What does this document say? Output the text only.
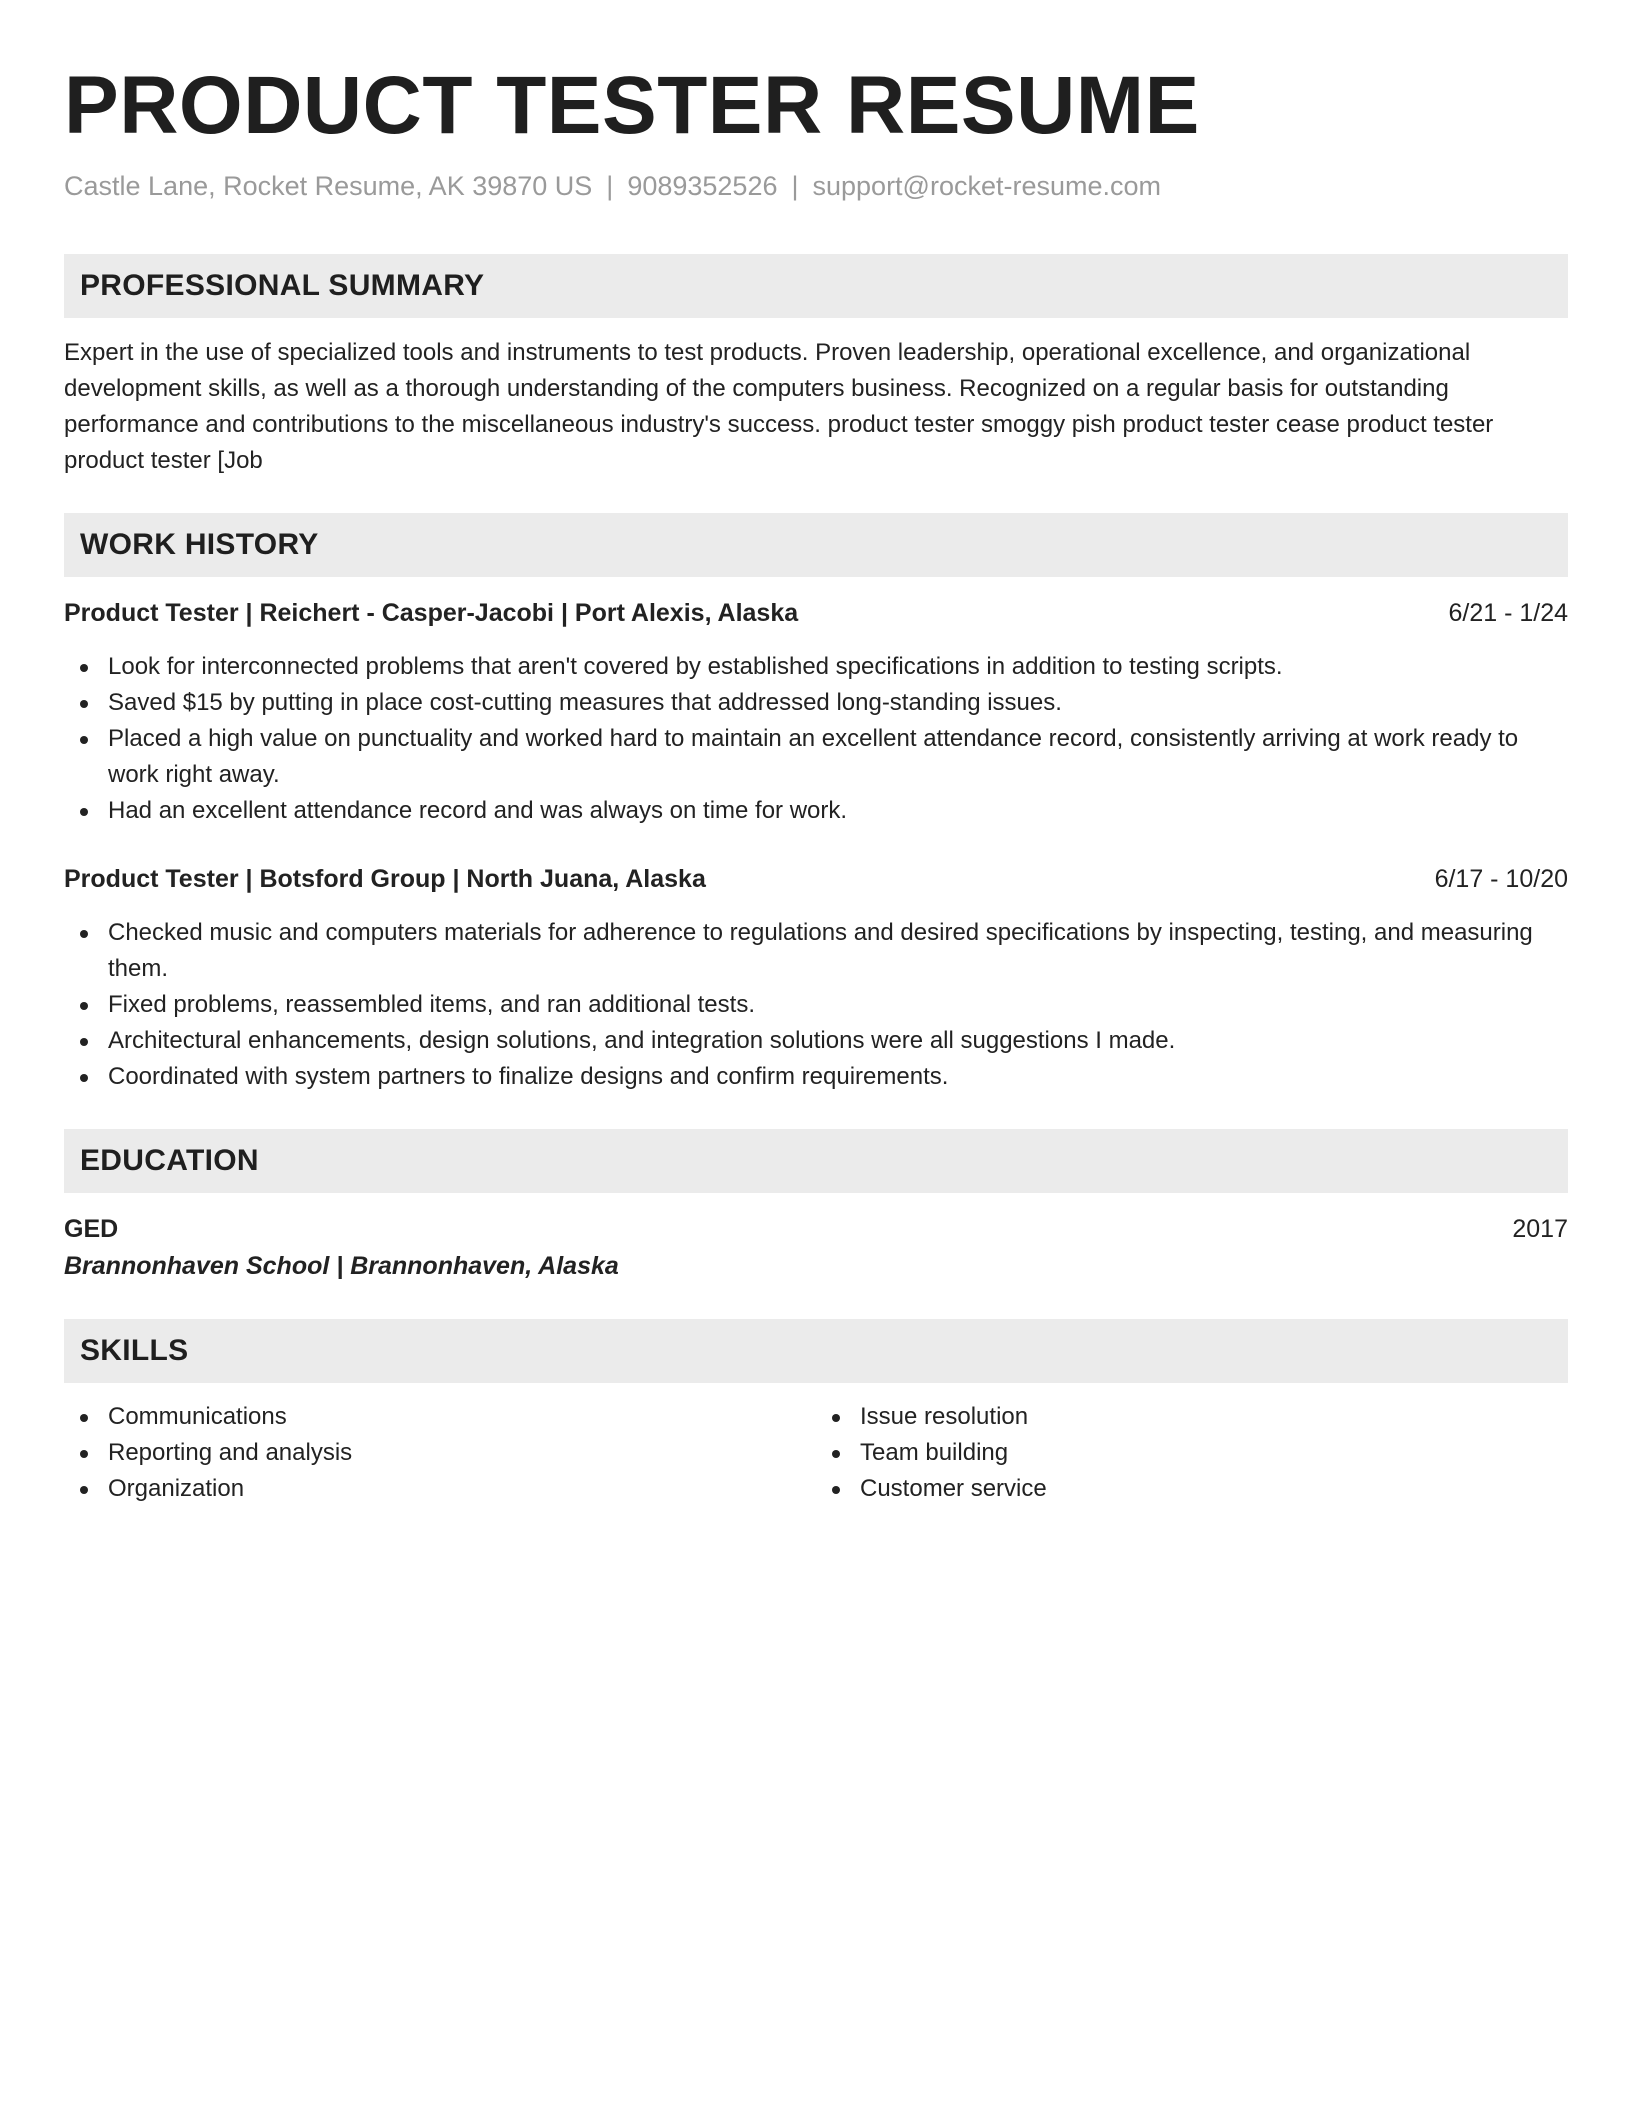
PRODUCT TESTER RESUME
Castle Lane, Rocket Resume, AK 39870 US | 9089352526 | support@rocket-resume.com
PROFESSIONAL SUMMARY

Expert in the use of specialized tools and instruments to test products. Proven leadership, operational excellence, and organizational development skills, as well as a thorough understanding of the computers business. Recognized on a regular basis for outstanding performance and contributions to the miscellaneous industry's success. product tester smoggy pish product tester cease product tester product tester [Job

WORK HISTORY
Product Tester | Reichert - Casper-Jacobi | Port Alexis, Alaska	6/21 - 1/24
Look for interconnected problems that aren't covered by established specifications in addition to testing scripts.
Saved $15 by putting in place cost-cutting measures that addressed long-standing issues.
Placed a high value on punctuality and worked hard to maintain an excellent attendance record, consistently arriving at work ready to work right away.
Had an excellent attendance record and was always on time for work.
Product Tester | Botsford Group | North Juana, Alaska	6/17 - 10/20
Checked music and computers materials for adherence to regulations and desired specifications by inspecting, testing, and measuring them.
Fixed problems, reassembled items, and ran additional tests.
Architectural enhancements, design solutions, and integration solutions were all suggestions I made.
Coordinated with system partners to finalize designs and confirm requirements.
EDUCATION
GED	2017
Brannonhaven School | Brannonhaven, Alaska
SKILLS
Communications
Reporting and analysis
Organization
Issue resolution
Team building
Customer service
